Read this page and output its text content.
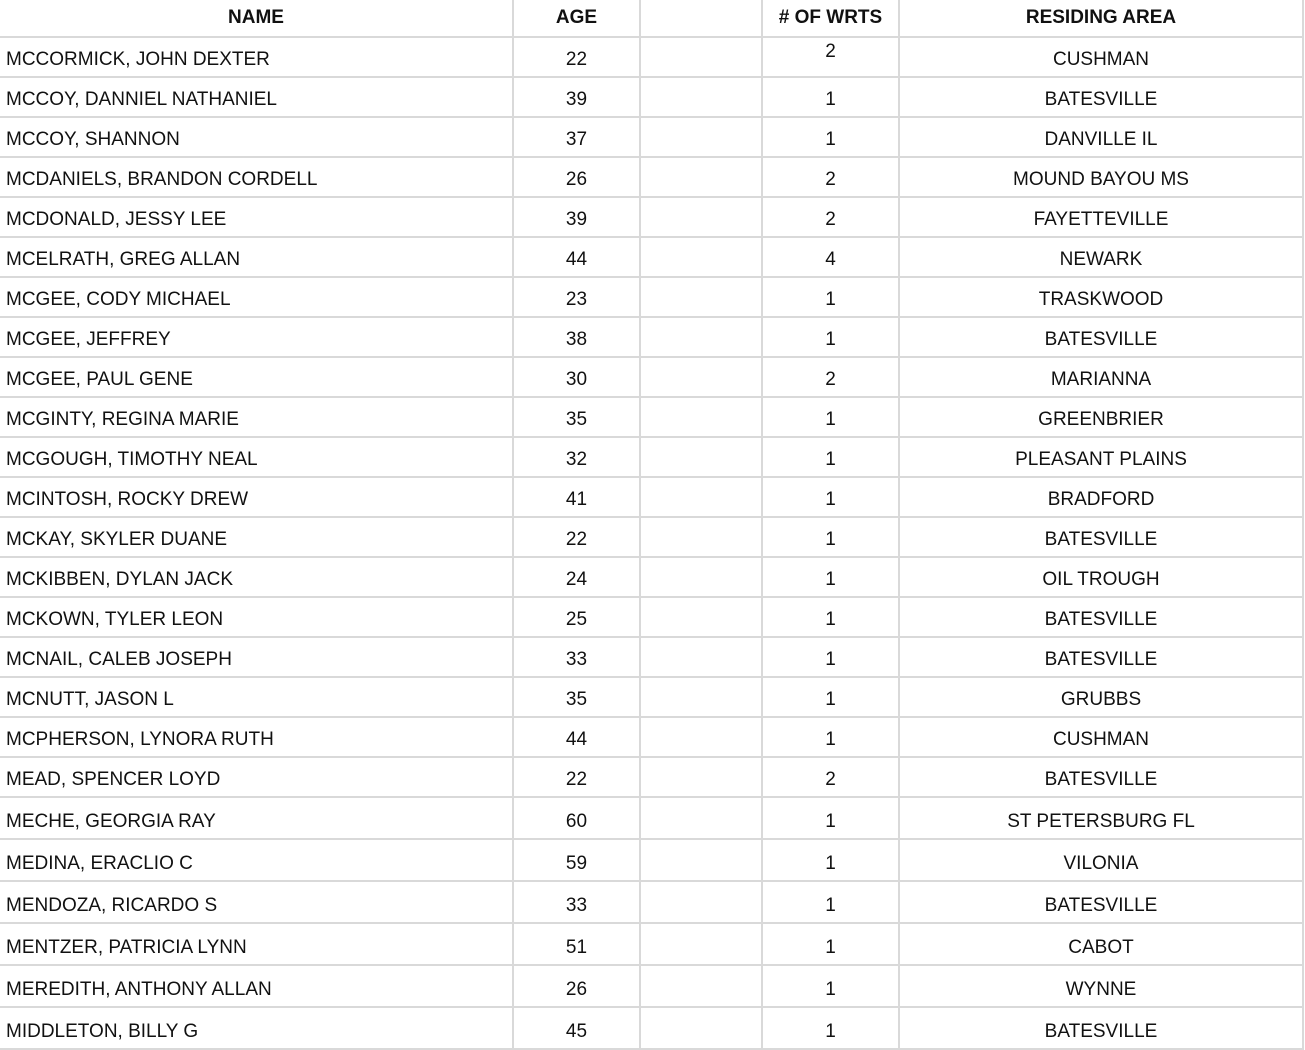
NAME	AGE		# OF WRTS	RESIDING AREA
MCCORMICK, JOHN DEXTER	22		2	CUSHMAN
MCCOY, DANNIEL NATHANIEL	39		1	BATESVILLE
MCCOY, SHANNON	37		1	DANVILLE IL
MCDANIELS, BRANDON CORDELL	26		2	MOUND BAYOU MS
MCDONALD, JESSY LEE	39		2	FAYETTEVILLE
MCELRATH, GREG ALLAN	44		4	NEWARK
MCGEE, CODY MICHAEL	23		1	TRASKWOOD
MCGEE, JEFFREY	38		1	BATESVILLE
MCGEE, PAUL GENE	30		2	MARIANNA
MCGINTY, REGINA MARIE	35		1	GREENBRIER
MCGOUGH, TIMOTHY NEAL	32		1	PLEASANT PLAINS
MCINTOSH, ROCKY DREW	41		1	BRADFORD
MCKAY, SKYLER DUANE	22		1	BATESVILLE
MCKIBBEN, DYLAN JACK	24		1	OIL TROUGH
MCKOWN, TYLER LEON	25		1	BATESVILLE
MCNAIL, CALEB JOSEPH	33		1	BATESVILLE
MCNUTT, JASON L	35		1	GRUBBS
MCPHERSON, LYNORA RUTH	44		1	CUSHMAN
MEAD, SPENCER LOYD	22		2	BATESVILLE
MECHE, GEORGIA RAY	60		1	ST PETERSBURG FL
MEDINA, ERACLIO C	59		1	VILONIA
MENDOZA, RICARDO S	33		1	BATESVILLE
MENTZER, PATRICIA LYNN	51		1	CABOT
MEREDITH, ANTHONY ALLAN	26		1	WYNNE
MIDDLETON, BILLY G	45		1	BATESVILLE
